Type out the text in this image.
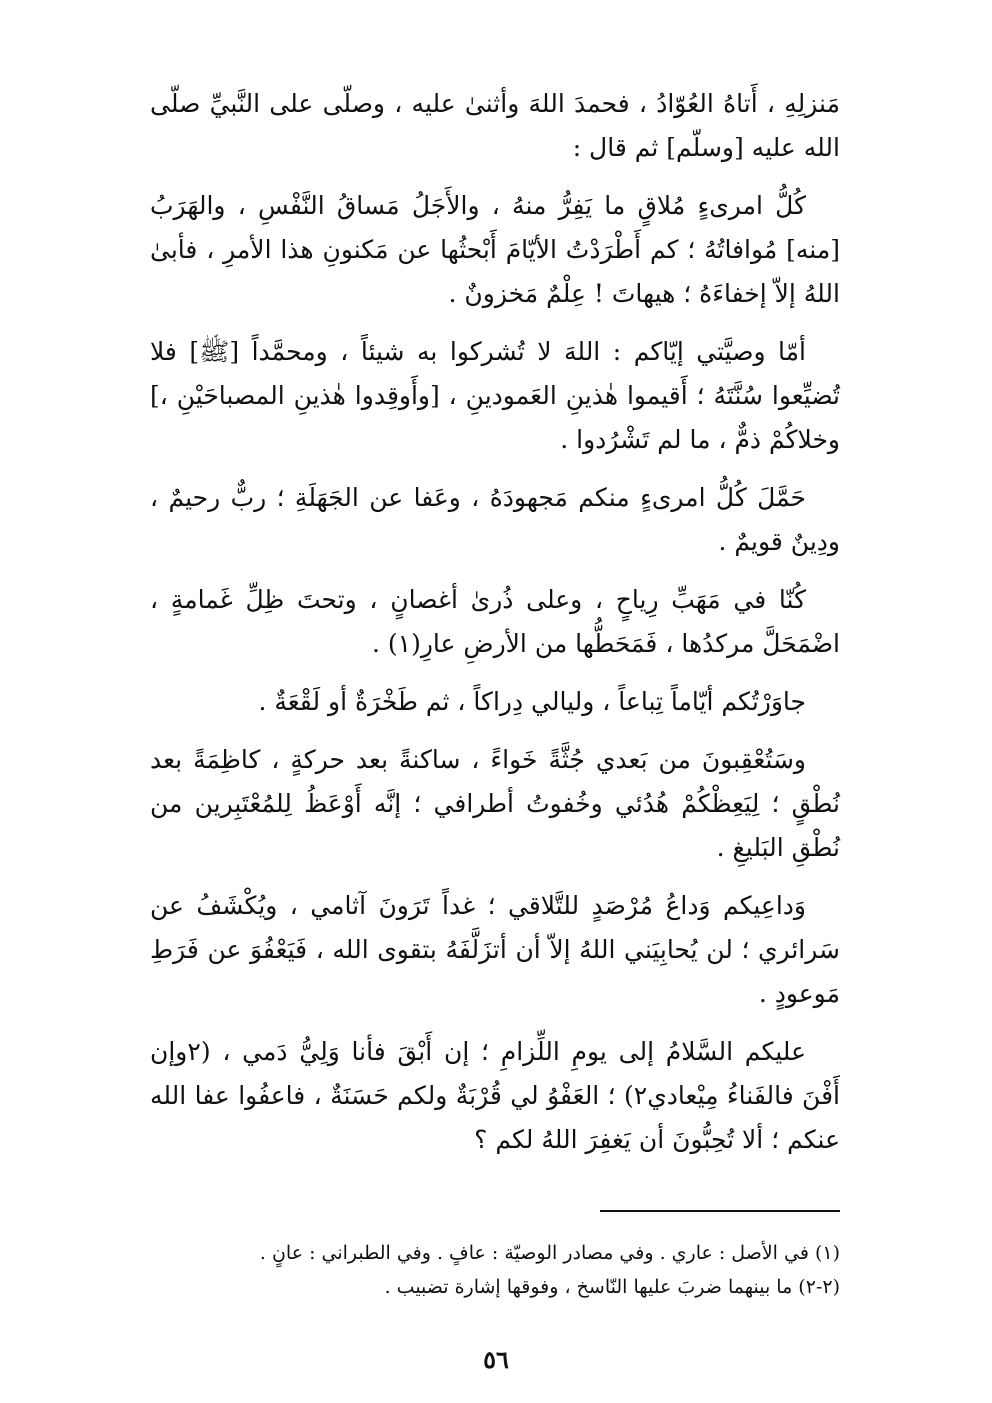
مَنزلِهِ ، أَتاهُ العُوّادُ ، فحمدَ اللهَ وأثنىٰ عليه ، وصلّى على النَّبيِّ صلّى الله عليه [وسلّم] ثم قال :

كُلُّ امرىءٍ مُلاقٍ ما يَفِرُّ منهُ ، والأَجَلُ مَساقُ النَّفْسِ ، والهَرَبُ [منه] مُوافاتُهُ ؛ كم أَطْرَدْتُ الأيّامَ أَبْحثُها عن مَكنونِ هذا الأمرِ ، فأبىٰ اللهُ إلاّ إخفاءَهُ ؛ هيهاتَ ! عِلْمٌ مَخزونٌ .

أمّا وصيَّتي إيّاكم : اللهَ لا تُشركوا به شيئاً ، ومحمَّداً [ﷺ] فلا تُضيِّعوا سُنَّتَهُ ؛ أَقيموا هٰذينِ العَمودينِ ، [وأَوقِدوا هٰذينِ المصباحَيْنِ ،] وخلاكُمْ ذمٌّ ، ما لم تَشْرُدوا .

حَمَّلَ كُلُّ امرىءٍ منكم مَجهودَهُ ، وعَفا عن الجَهَلَةِ ؛ ربٌّ رحيمٌ ، ودِينٌ قويمٌ .

كُنّا في مَهَبِّ رِياحٍ ، وعلى ذُرىٰ أغصانٍ ، وتحتَ ظِلِّ غَمامةٍ ، اضْمَحَلَّ مركدُها ، فَمَحَطُّها من الأرضِ عارِ(١) .

جاوَرْتُكم أيّاماً تِباعاً ، وليالي دِراكاً ، ثم طَخْرَةٌ أو لَقْعَةٌ .

وسَتُعْقِبونَ من بَعدي جُثَّةً خَواءً ، ساكنةً بعد حركةٍ ، كاظِمَةً بعد نُطْقٍ ؛ لِيَعِظْكُمْ هُدُئي وخُفوتُ أطرافي ؛ إنَّه أَوْعَظُ لِلمُعْتَبِرين من نُطْقِ البَليغِ .

وَداعِيكم وَداعُ مُرْصَدٍ للتَّلاقي ؛ غداً تَرَونَ آثامي ، ويُكْشَفُ عن سَرائري ؛ لن يُحابِيَني اللهُ إلاّ أن أتزَلَّفَهُ بتقوى الله ، فَيَعْفُوَ عن فَرَطِ مَوعودٍ .

عليكم السَّلامُ إلى يومِ اللِّزامِ ؛ إن أَبْقَ فأنا وَلِيُّ دَمي ، (٢وإن أَفْنَ فالفَناءُ مِيْعادي٢) ؛ العَفْوُ لي قُرْبَةٌ ولكم حَسَنَةٌ ، فاعفُوا عفا الله عنكم ؛ ألا تُحِبُّونَ أن يَغفِرَ اللهُ لكم ؟

(١) في الأصل : عاري . وفي مصادر الوصيّة : عافٍ . وفي الطبراني : عانٍ .

(٢-٢) ما بينهما ضربَ عليها النّاسخ ، وفوقها إشارة تضبيب .

٥٦
